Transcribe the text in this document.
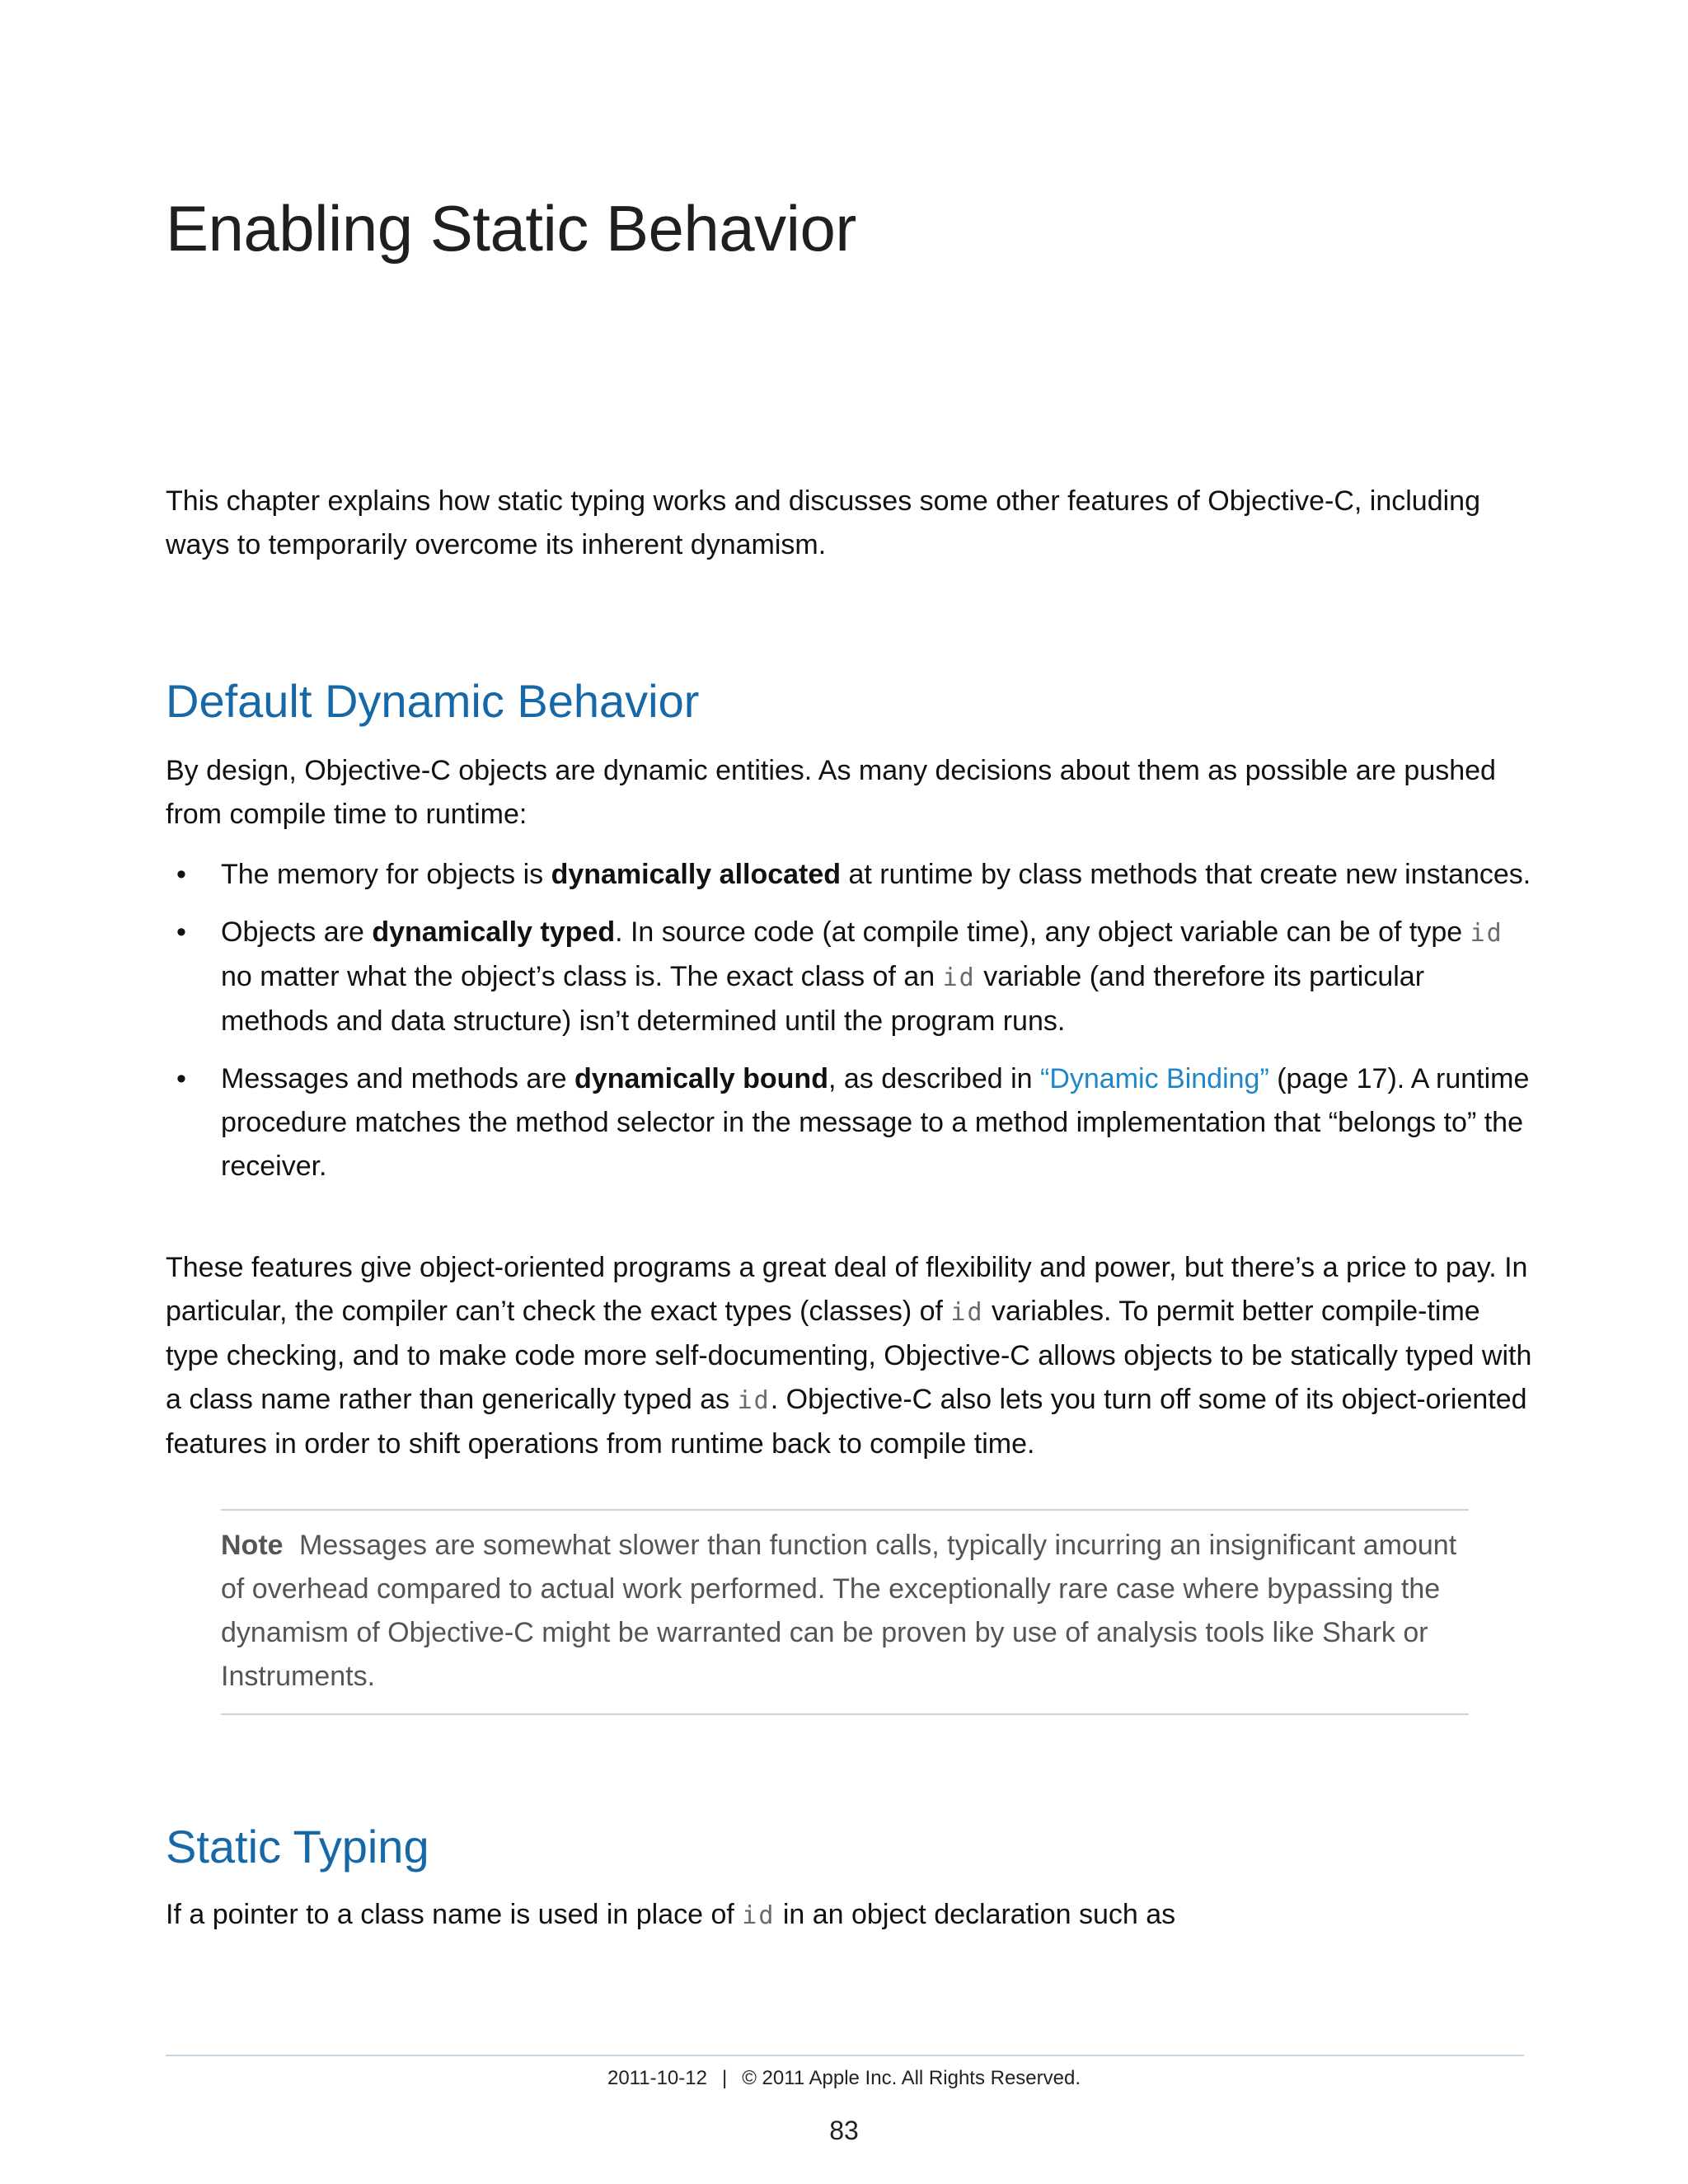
Enabling Static Behavior

This chapter explains how static typing works and discusses some other features of Objective-C, including ways to temporarily overcome its inherent dynamism.

Default Dynamic Behavior

By design, Objective-C objects are dynamic entities. As many decisions about them as possible are pushed from compile time to runtime:

• The memory for objects is dynamically allocated at runtime by class methods that create new instances.
• Objects are dynamically typed. In source code (at compile time), any object variable can be of type id no matter what the object’s class is. The exact class of an id variable (and therefore its particular methods and data structure) isn’t determined until the program runs.
• Messages and methods are dynamically bound, as described in “Dynamic Binding” (page 17). A runtime procedure matches the method selector in the message to a method implementation that “belongs to” the receiver.

These features give object-oriented programs a great deal of flexibility and power, but there’s a price to pay. In particular, the compiler can’t check the exact types (classes) of id variables. To permit better compile-time type checking, and to make code more self-documenting, Objective-C allows objects to be statically typed with a class name rather than generically typed as id. Objective-C also lets you turn off some of its object-oriented features in order to shift operations from runtime back to compile time.

Note Messages are somewhat slower than function calls, typically incurring an insignificant amount of overhead compared to actual work performed. The exceptionally rare case where bypassing the dynamism of Objective-C might be warranted can be proven by use of analysis tools like Shark or Instruments.

Static Typing

If a pointer to a class name is used in place of id in an object declaration such as

2011-10-12 | © 2011 Apple Inc. All Rights Reserved.
83
